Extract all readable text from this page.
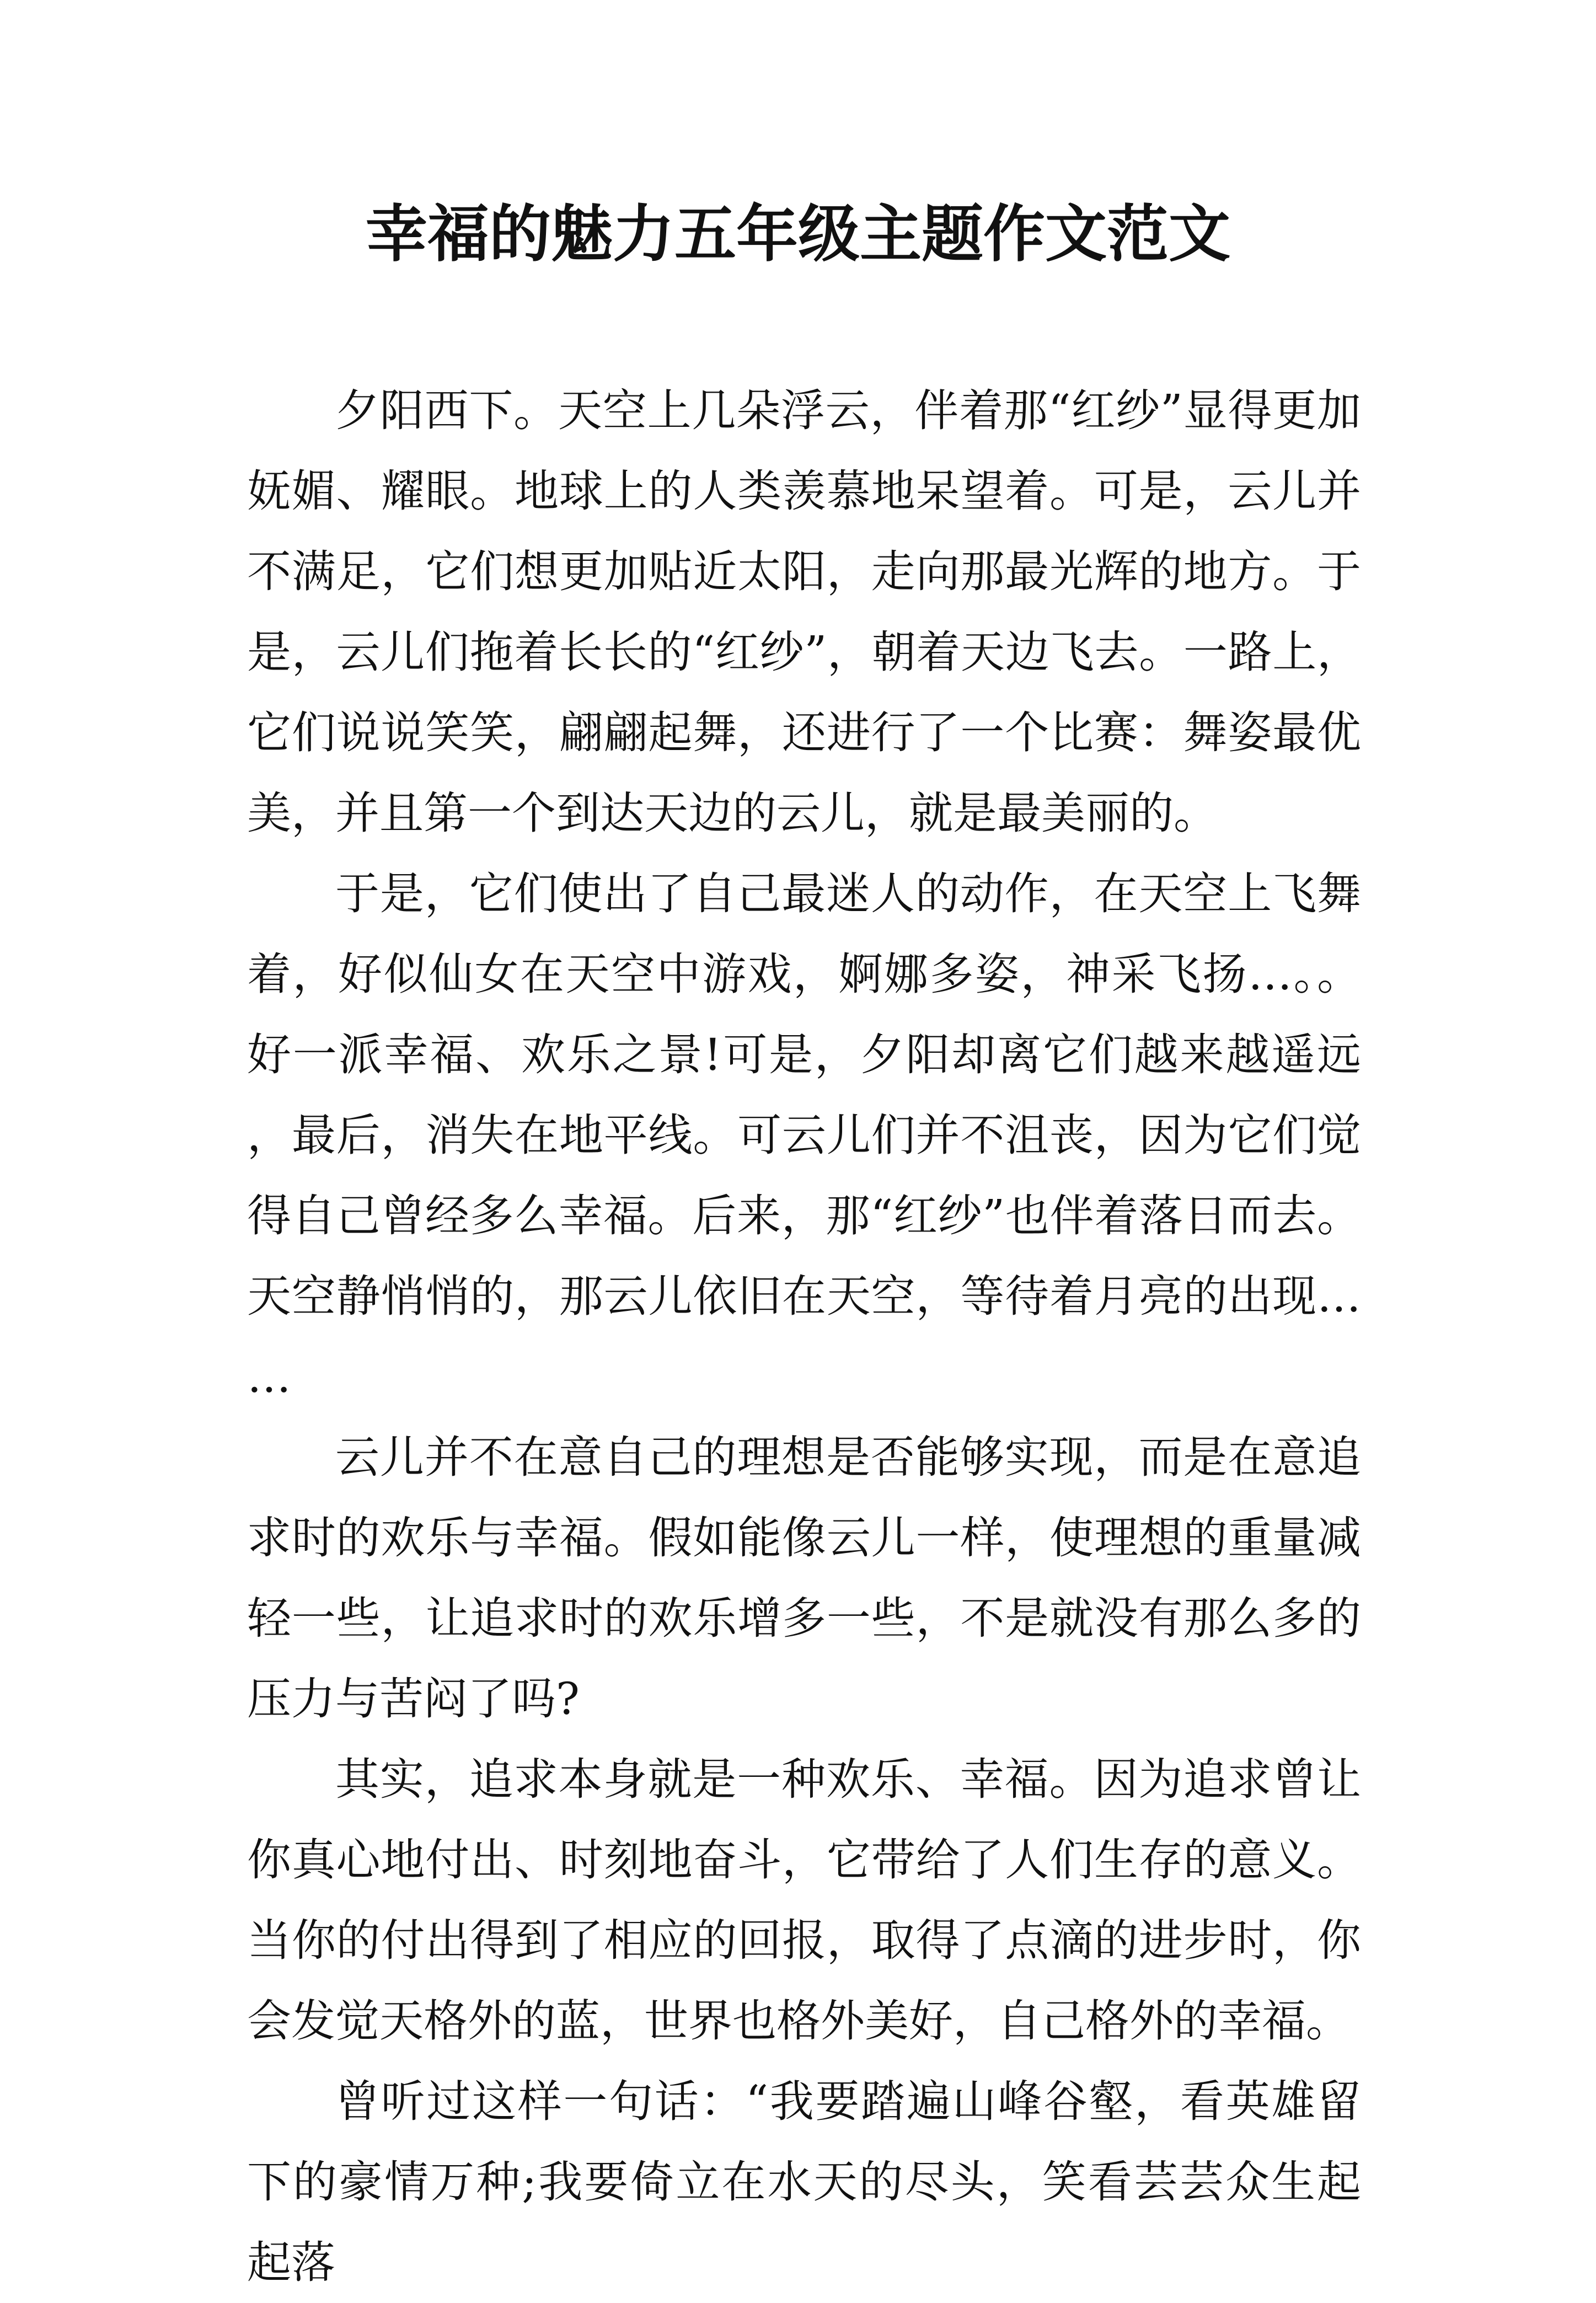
幸福的魅力五年级主题作文范文

夕阳西下。天空上几朵浮云，伴着那“红纱”显得更加妩媚、耀眼。地球上的人类羡慕地呆望着。可是，云儿并不满足，它们想更加贴近太阳，走向那最光辉的地方。于是，云儿们拖着长长的“红纱”，朝着天边飞去。一路上，它们说说笑笑，翩翩起舞，还进行了一个比赛：舞姿最优美，并且第一个到达天边的云儿，就是最美丽的。

于是，它们使出了自己最迷人的动作，在天空上飞舞着，好似仙女在天空中游戏，婀娜多姿，神采飞扬…。。好一派幸福、欢乐之景!可是，夕阳却离它们越来越遥远，最后，消失在地平线。可云儿们并不沮丧，因为它们觉得自己曾经多么幸福。后来，那“红纱”也伴着落日而去。天空静悄悄的，那云儿依旧在天空，等待着月亮的出现……

云儿并不在意自己的理想是否能够实现，而是在意追求时的欢乐与幸福。假如能像云儿一样，使理想的重量减轻一些，让追求时的欢乐增多一些，不是就没有那么多的压力与苦闷了吗?

其实，追求本身就是一种欢乐、幸福。因为追求曾让你真心地付出、时刻地奋斗，它带给了人们生存的意义。当你的付出得到了相应的回报，取得了点滴的进步时，你会发觉天格外的蓝，世界也格外美好，自己格外的幸福。

曾听过这样一句话：“我要踏遍山峰谷壑，看英雄留下的豪情万种;我要倚立在水天的尽头，笑看芸芸众生起起落
